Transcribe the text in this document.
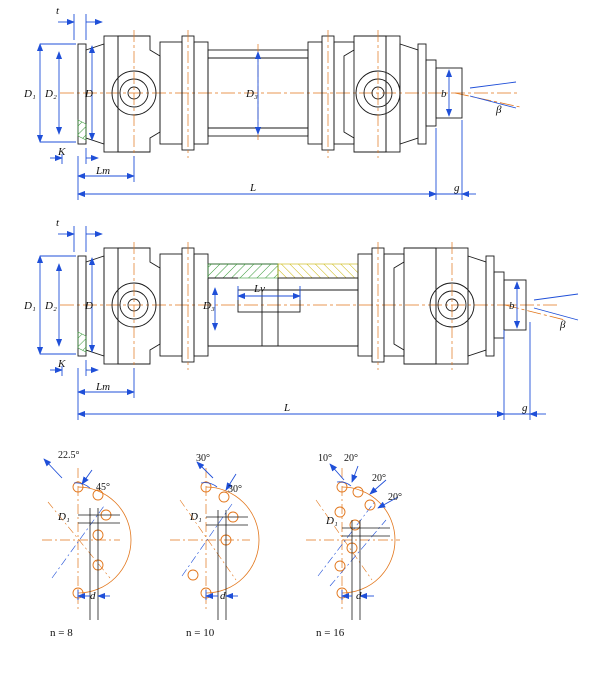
t
D₁ D₂	D	D₃	b
β
K
Lm
L	g
t
D₁ D₂	D	D₃
Lv
b
β
K
Lm
L	g
22.5°
45°
D₁
d
n = 8
30°
30°
D₁
d
n = 10
10° 20°
20°
20°
D₁
d
n = 16
